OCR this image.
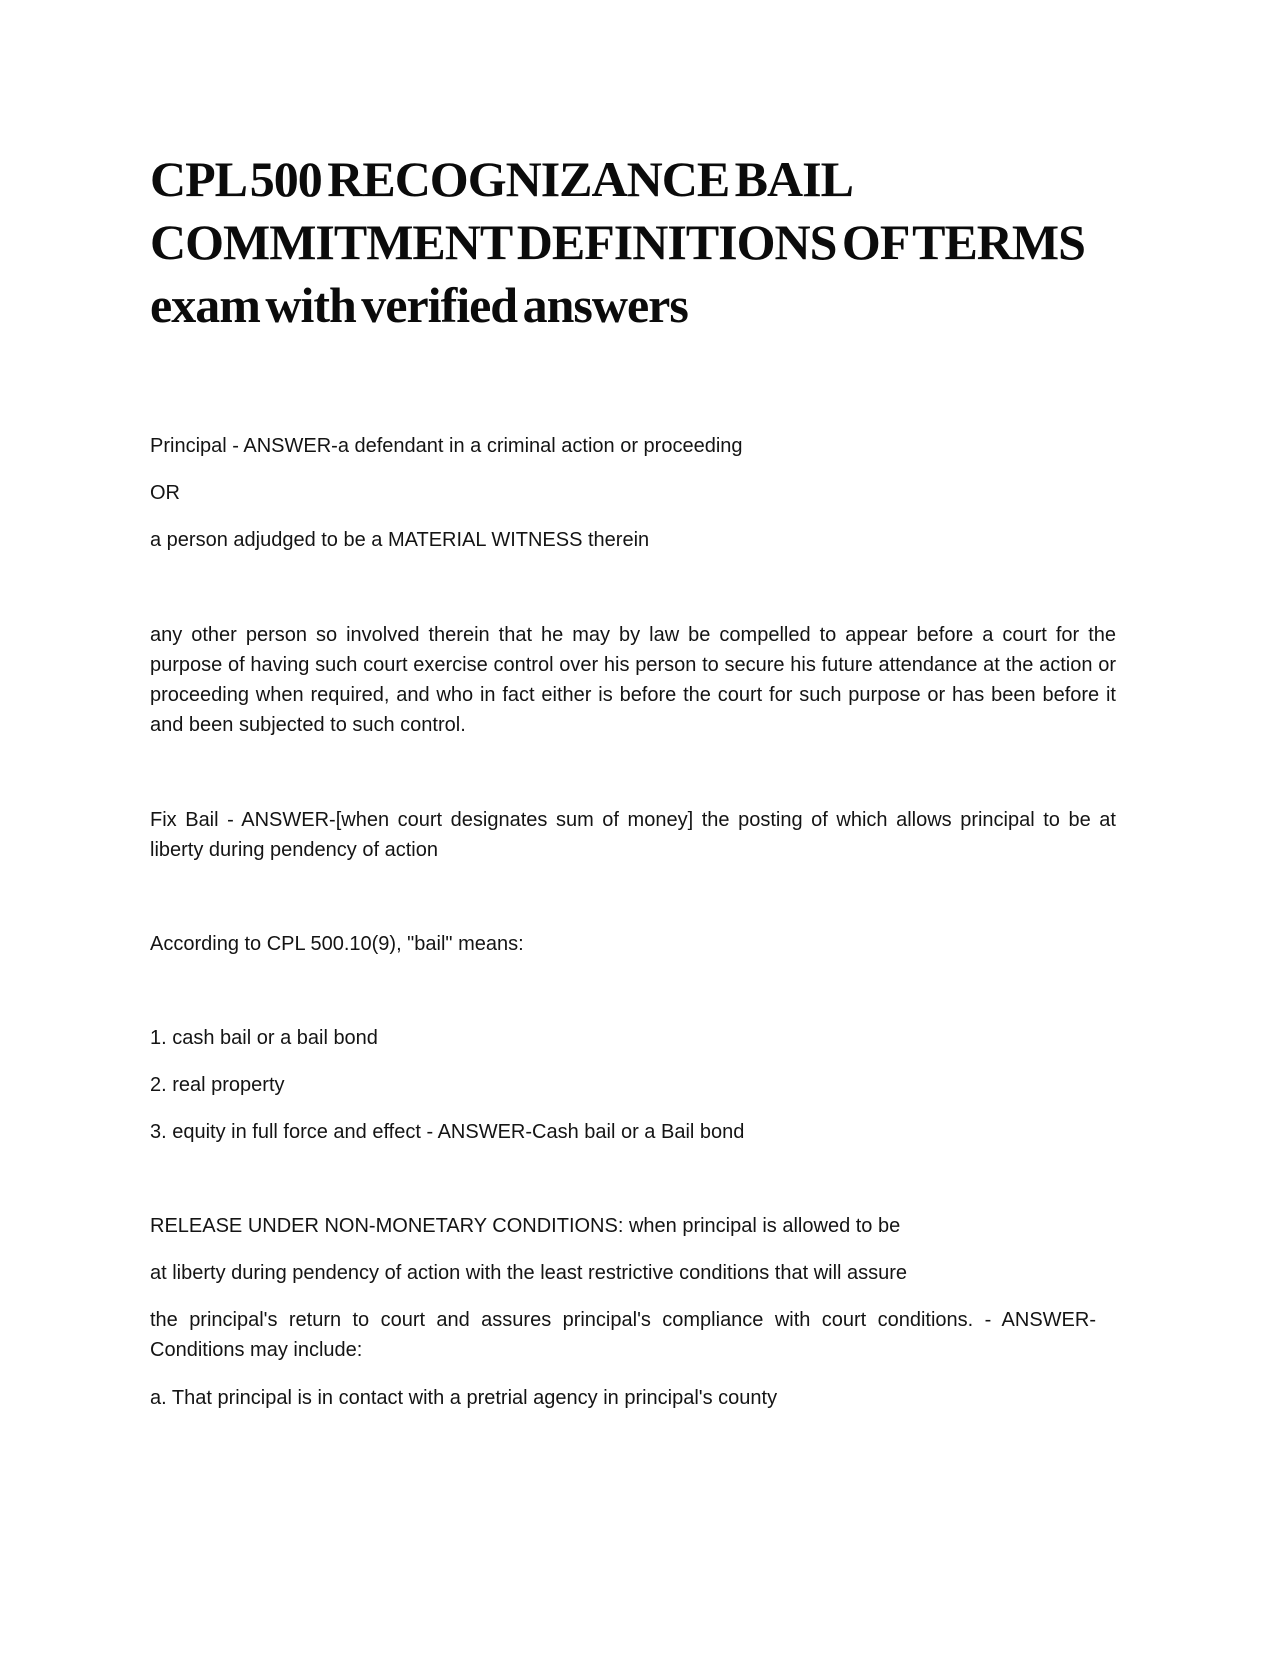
CPL 500 RECOGNIZANCE BAIL
COMMITMENT DEFINITIONS OF TERMS
exam with verified answers

Principal - ANSWER-a defendant in a criminal action or proceeding

OR

a person adjudged to be a MATERIAL WITNESS therein

any other person so involved therein that he may by law be compelled to appear before a court for the purpose of having such court exercise control over his person to secure his future attendance at the action or proceeding when required, and who in fact either is before the court for such purpose or has been before it and been subjected to such control.

Fix Bail - ANSWER-[when court designates sum of money] the posting of which allows principal to be at liberty during pendency of action

According to CPL 500.10(9), "bail" means:

1. cash bail or a bail bond

2. real property

3. equity in full force and effect - ANSWER-Cash bail or a Bail bond

RELEASE UNDER NON-MONETARY CONDITIONS: when principal is allowed to be

at liberty during pendency of action with the least restrictive conditions that will assure

the principal's return to court and assures principal's compliance with court conditions. - ANSWER-Conditions may include:

a. That principal is in contact with a pretrial agency in principal's county
